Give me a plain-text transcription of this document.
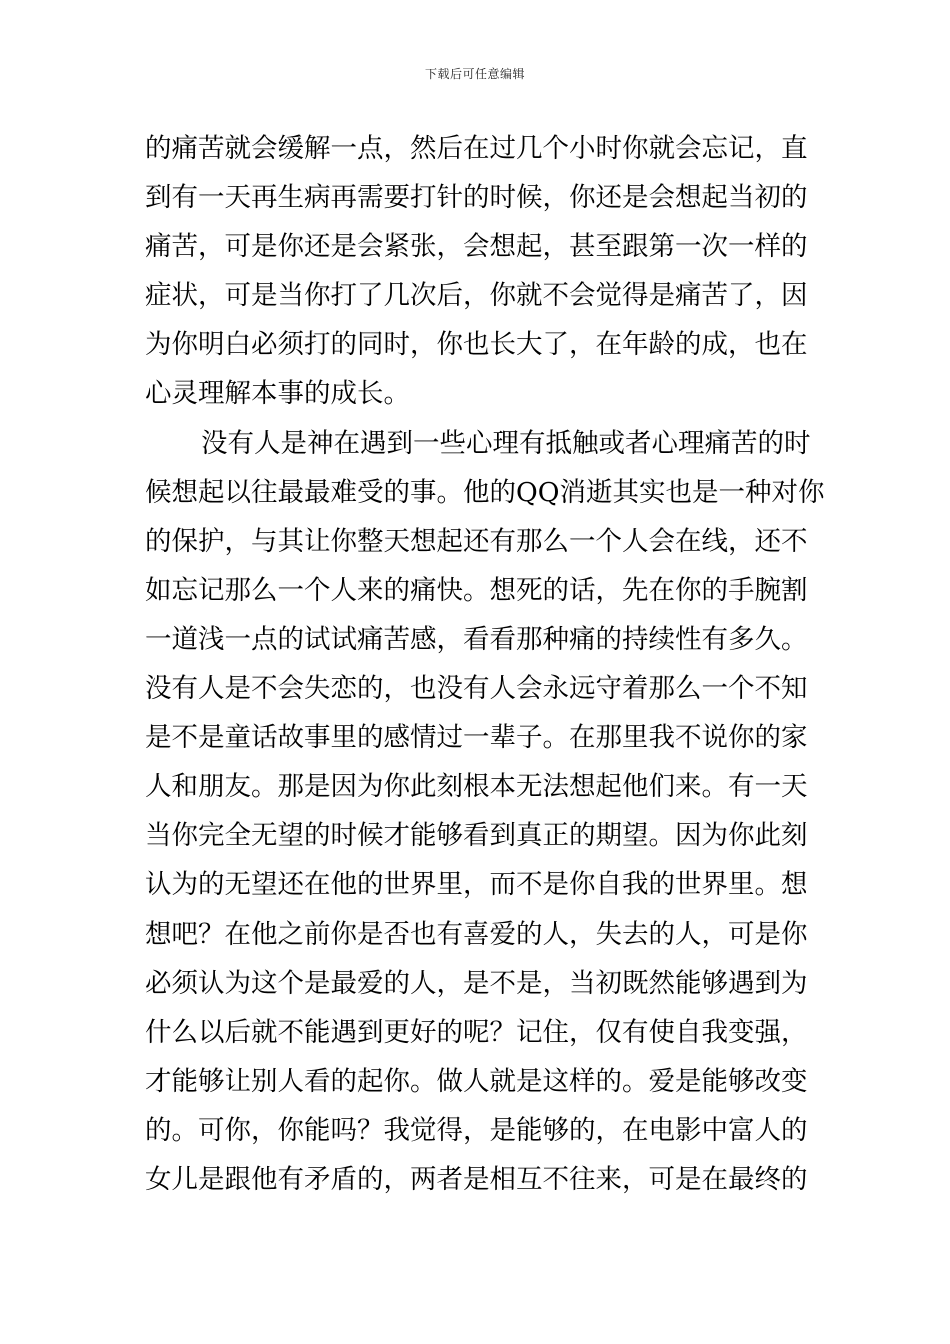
下载后可任意编辑
的痛苦就会缓解一点，然后在过几个小时你就会忘记，直
到有一天再生病再需要打针的时候，你还是会想起当初的
痛苦，可是你还是会紧张，会想起，甚至跟第一次一样的
症状，可是当你打了几次后，你就不会觉得是痛苦了，因
为你明白必须打的同时，你也长大了，在年龄的成，也在
心灵理解本事的成长。
没有人是神在遇到一些心理有抵触或者心理痛苦的时
候想起以往最最难受的事。他的QQ消逝其实也是一种对你
的保护，与其让你整天想起还有那么一个人会在线，还不
如忘记那么一个人来的痛快。想死的话，先在你的手腕割
一道浅一点的试试痛苦感，看看那种痛的持续性有多久。
没有人是不会失恋的，也没有人会永远守着那么一个不知
是不是童话故事里的感情过一辈子。在那里我不说你的家
人和朋友。那是因为你此刻根本无法想起他们来。有一天
当你完全无望的时候才能够看到真正的期望。因为你此刻
认为的无望还在他的世界里，而不是你自我的世界里。想
想吧？在他之前你是否也有喜爱的人，失去的人，可是你
必须认为这个是最爱的人，是不是，当初既然能够遇到为
什么以后就不能遇到更好的呢？记住，仅有使自我变强，
才能够让别人看的起你。做人就是这样的。爱是能够改变
的。可你，你能吗？我觉得，是能够的，在电影中富人的
女儿是跟他有矛盾的，两者是相互不往来，可是在最终的
